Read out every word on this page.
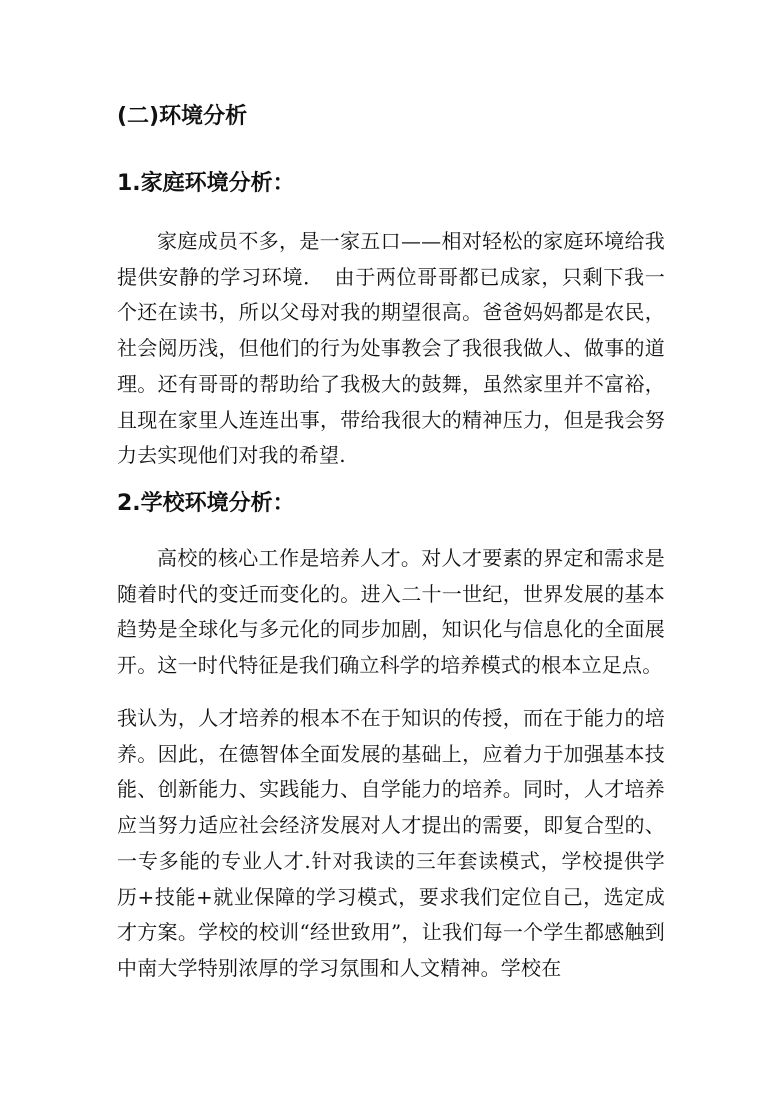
(二)环境分析
1.家庭环境分析：

家庭成员不多，是一家五口——相对轻松的家庭环境给我提供安静的学习环境．　由于两位哥哥都已成家，只剩下我一个还在读书，所以父母对我的期望很高。爸爸妈妈都是农民，社会阅历浅，但他们的行为处事教会了我很我做人、做事的道理。还有哥哥的帮助给了我极大的鼓舞，虽然家里并不富裕，且现在家里人连连出事，带给我很大的精神压力，但是我会努力去实现他们对我的希望.

2.学校环境分析：

高校的核心工作是培养人才。对人才要素的界定和需求是随着时代的变迁而变化的。进入二十一世纪，世界发展的基本趋势是全球化与多元化的同步加剧，知识化与信息化的全面展开。这一时代特征是我们确立科学的培养模式的根本立足点。

我认为，人才培养的根本不在于知识的传授，而在于能力的培养。因此，在德智体全面发展的基础上，应着力于加强基本技能、创新能力、实践能力、自学能力的培养。同时，人才培养应当努力适应社会经济发展对人才提出的需要，即复合型的、一专多能的专业人才.针对我读的三年套读模式，学校提供学历+技能+就业保障的学习模式，要求我们定位自己，选定成才方案。学校的校训“经世致用”，让我们每一个学生都感触到中南大学特别浓厚的学习氛围和人文精神。学校在
